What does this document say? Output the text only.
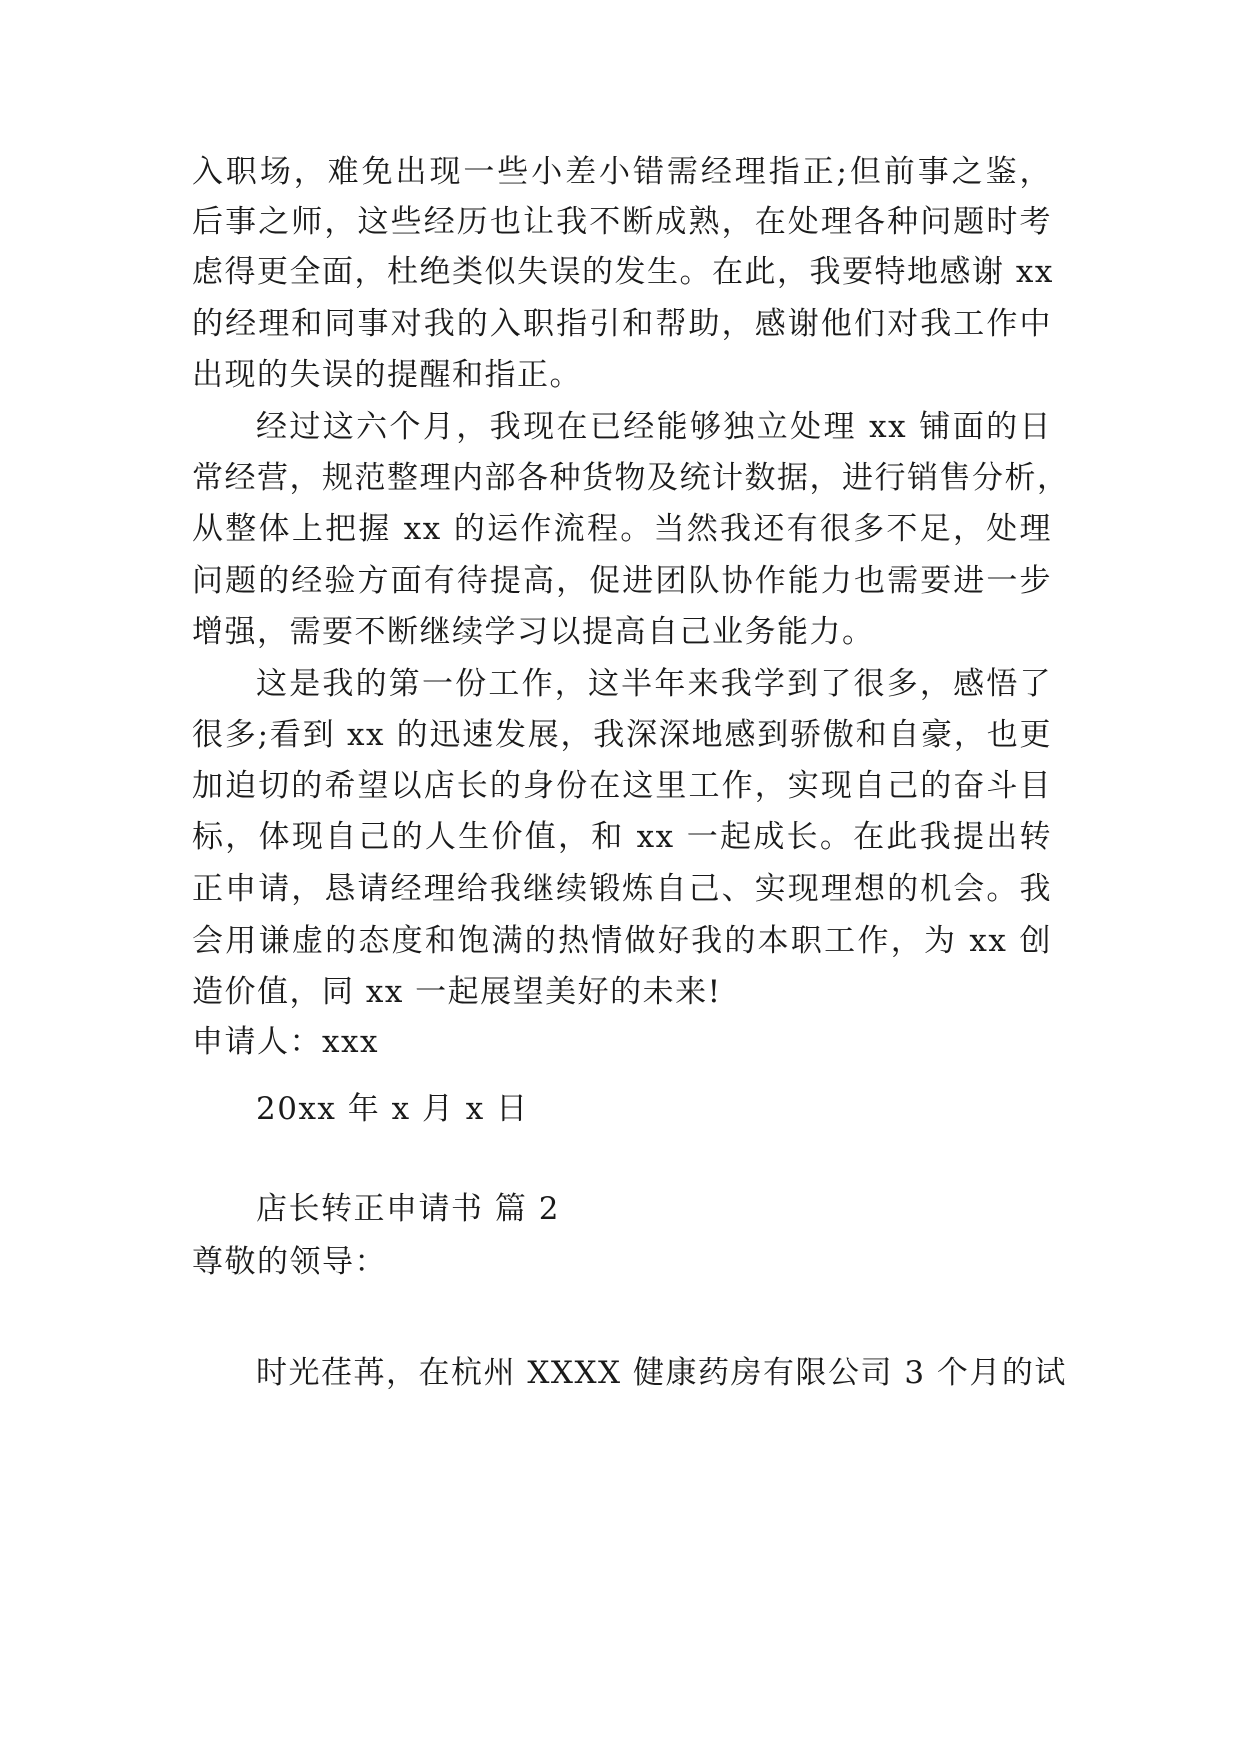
入职场，难免出现一些小差小错需经理指正;但前事之鉴，
后事之师，这些经历也让我不断成熟，在处理各种问题时考
虑得更全面，杜绝类似失误的发生。在此，我要特地感谢 xx
的经理和同事对我的入职指引和帮助，感谢他们对我工作中
出现的失误的提醒和指正。
经过这六个月，我现在已经能够独立处理 xx 铺面的日
常经营，规范整理内部各种货物及统计数据，进行销售分析，
从整体上把握 xx 的运作流程。当然我还有很多不足，处理
问题的经验方面有待提高，促进团队协作能力也需要进一步
增强，需要不断继续学习以提高自己业务能力。
这是我的第一份工作，这半年来我学到了很多，感悟了
很多;看到 xx 的迅速发展，我深深地感到骄傲和自豪，也更
加迫切的希望以店长的身份在这里工作，实现自己的奋斗目
标，体现自己的人生价值，和 xx 一起成长。在此我提出转
正申请，恳请经理给我继续锻炼自己、实现理想的机会。我
会用谦虚的态度和饱满的热情做好我的本职工作，为 xx 创
造价值，同 xx 一起展望美好的未来!
申请人：xxx
20xx 年 x 月 x 日
店长转正申请书 篇 2
尊敬的领导：
时光荏苒，在杭州 XXXX 健康药房有限公司 3 个月的试
